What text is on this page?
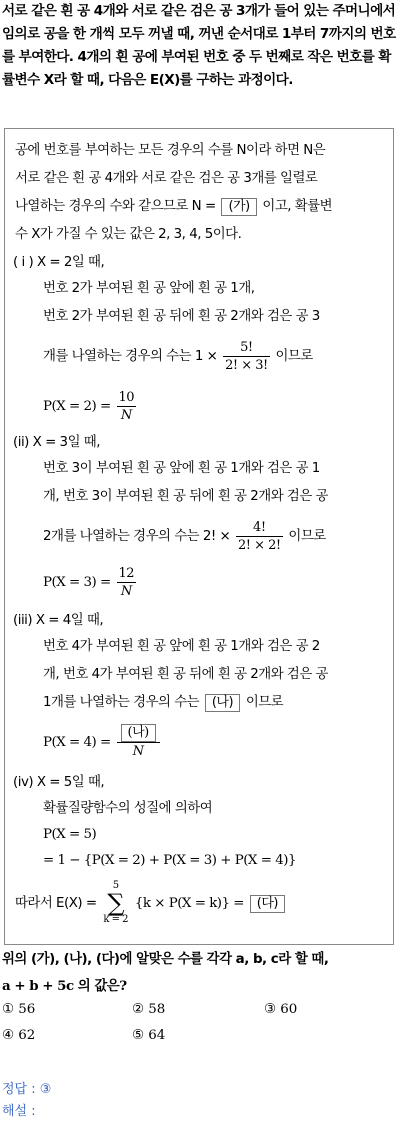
서로 같은 흰 공 4개와 서로 같은 검은 공 3개가 들어 있는 주머니에서 임의로 공을 한 개씩 모두 꺼낼 때, 꺼낸 순서대로 1부터 7까지의 번호를 부여한다. 4개의 흰 공에 부여된 번호 중 두 번째로 작은 번호를 확률변수 X라 할 때, 다음은 E(X)를 구하는 과정이다.
공에 번호를 부여하는 모든 경우의 수를 N이라 하면 N은
서로 같은 흰 공 4개와 서로 같은 검은 공 3개를 일렬로
나열하는 경우의 수와 같으므로 N = (가) 이고, 확률변
수 X가 가질 수 있는 값은 2, 3, 4, 5이다.
( i ) X = 2일 때,
번호 2가 부여된 흰 공 앞에 흰 공 1개,
번호 2가 부여된 흰 공 뒤에 흰 공 2개와 검은 공 3
개를 나열하는 경우의 수는 $1 \times \frac{5!}{2! \times 3!}$ 이므로
$P(X = 2) = \frac{10}{N}$
(ii) X = 3일 때,
번호 3이 부여된 흰 공 앞에 흰 공 1개와 검은 공 1
개, 번호 3이 부여된 흰 공 뒤에 흰 공 2개와 검은 공
2개를 나열하는 경우의 수는 2! × $\frac{4!}{2! \times 2!}$ 이므로
$P(X = 3) = \frac{12}{N}$
(iii) X = 4일 때,
번호 4가 부여된 흰 공 앞에 흰 공 1개와 검은 공 2
개, 번호 4가 부여된 흰 공 뒤에 흰 공 2개와 검은 공
1개를 나열하는 경우의 수는 (나) 이므로
$P(X = 4) = \frac{\text{(나)}}{N}$
(iv) X = 5일 때,
확률질량함수의 성질에 의하여
P(X = 5)
= 1 − {P(X = 2) + P(X = 3) + P(X = 4)}
따라서 E(X) =
5
∑
k = 2
{k × P(X = k)} = (다)
위의 (가), (나), (다)에 알맞은 수를 각각 a, b, c라 할 때,
a + b + 5c 의 값은?
① 56	② 58	③ 60
④ 62	⑤ 64
정답 : ③
해설 :
